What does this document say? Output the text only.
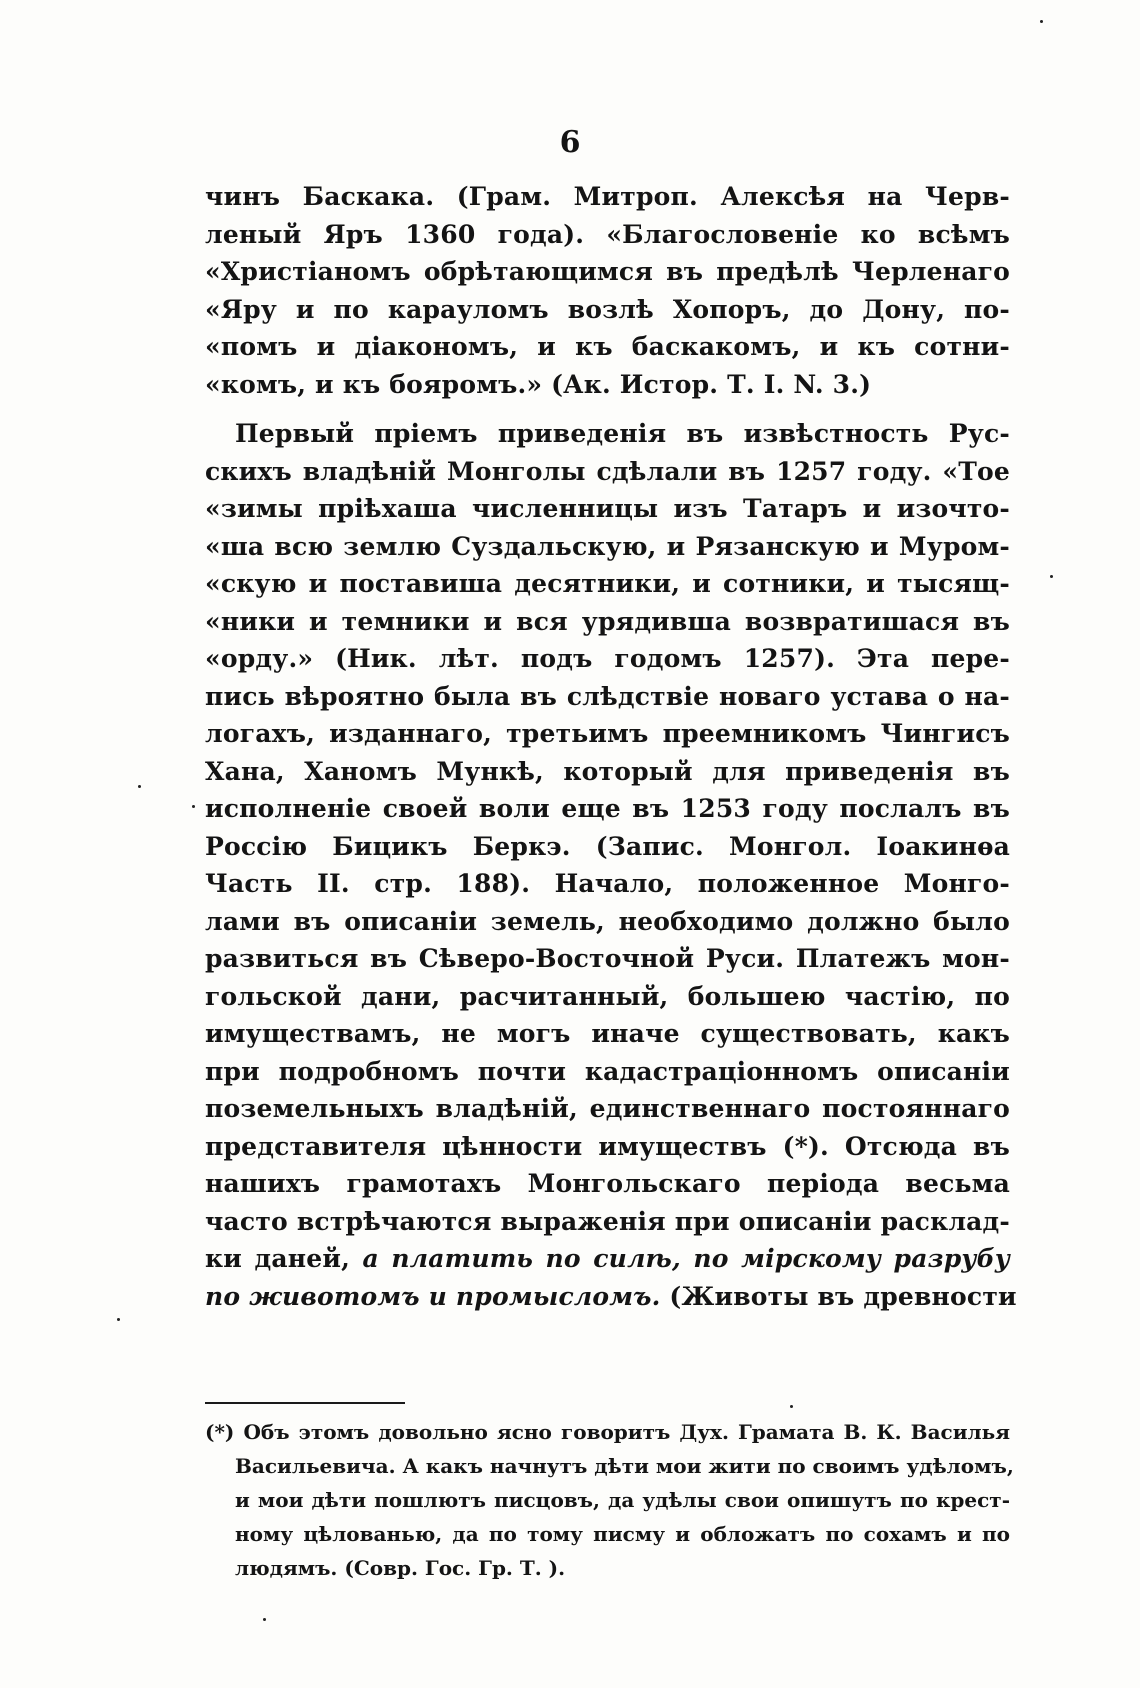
6
чинъ Баскака. (Грам. Митроп. Алексѣя на Черв-
леный Яръ 1360 года). «Благословеніе ко всѣмъ
«Христіаномъ обрѣтающимся въ предѣлѣ Черленаго
«Яру и по карауломъ возлѣ Хопоръ, до Дону, по-
«помъ и діакономъ, и къ баскакомъ, и къ сотни-
«комъ, и къ бояромъ.» (Ак. Истор. Т. I. N. 3.)
Первый пріемъ приведенія въ извѣстность Рус-
скихъ владѣній Монголы сдѣлали въ 1257 году. «Тое
«зимы пріѣхаша численницы изъ Татаръ и изочто-
«ша всю землю Суздальскую, и Рязанскую и Муром-
«скую и поставиша десятники, и сотники, и тысящ-
«ники и темники и вся урядивша возвратишася въ
«орду.» (Ник. лѣт. подъ годомъ 1257). Эта пере-
пись вѣроятно была въ слѣдствіе новаго устава о на-
логахъ, изданнаго, третьимъ преемникомъ Чингисъ
Хана, Ханомъ Мункѣ, который для приведенія въ
исполненіе своей воли еще въ 1253 году послалъ въ
Россію Бицикъ Беркэ. (Запис. Монгол. Іоакинѳа
Часть II. стр. 188). Начало, положенное Монго-
лами въ описаніи земель, необходимо должно было
развиться въ Сѣверо-Восточной Руси. Платежъ мон-
гольской дани, расчитанный, большею частію, по
имуществамъ, не могъ иначе существовать, какъ
при подробномъ почти кадастраціонномъ описаніи
поземельныхъ владѣній, единственнаго постояннаго
представителя цѣнности имуществъ (*). Отсюда въ
нашихъ грамотахъ Монгольскаго періода весьма
часто встрѣчаются выраженія при описаніи расклад-
ки даней, а платить по силѣ, по мірскому разрубу
по животомъ и промысломъ. (Животы въ древности
(*) Объ этомъ довольно ясно говоритъ Дух. Грамата В. К. Василья
Васильевича. А какъ начнутъ дѣти мои жити по своимъ удѣломъ,
и мои дѣти пошлютъ писцовъ, да удѣлы свои опишутъ по крест-
ному цѣлованью, да по тому писму и обложатъ по сохамъ и по
людямъ. (Совр. Гос. Гр. Т. ).
